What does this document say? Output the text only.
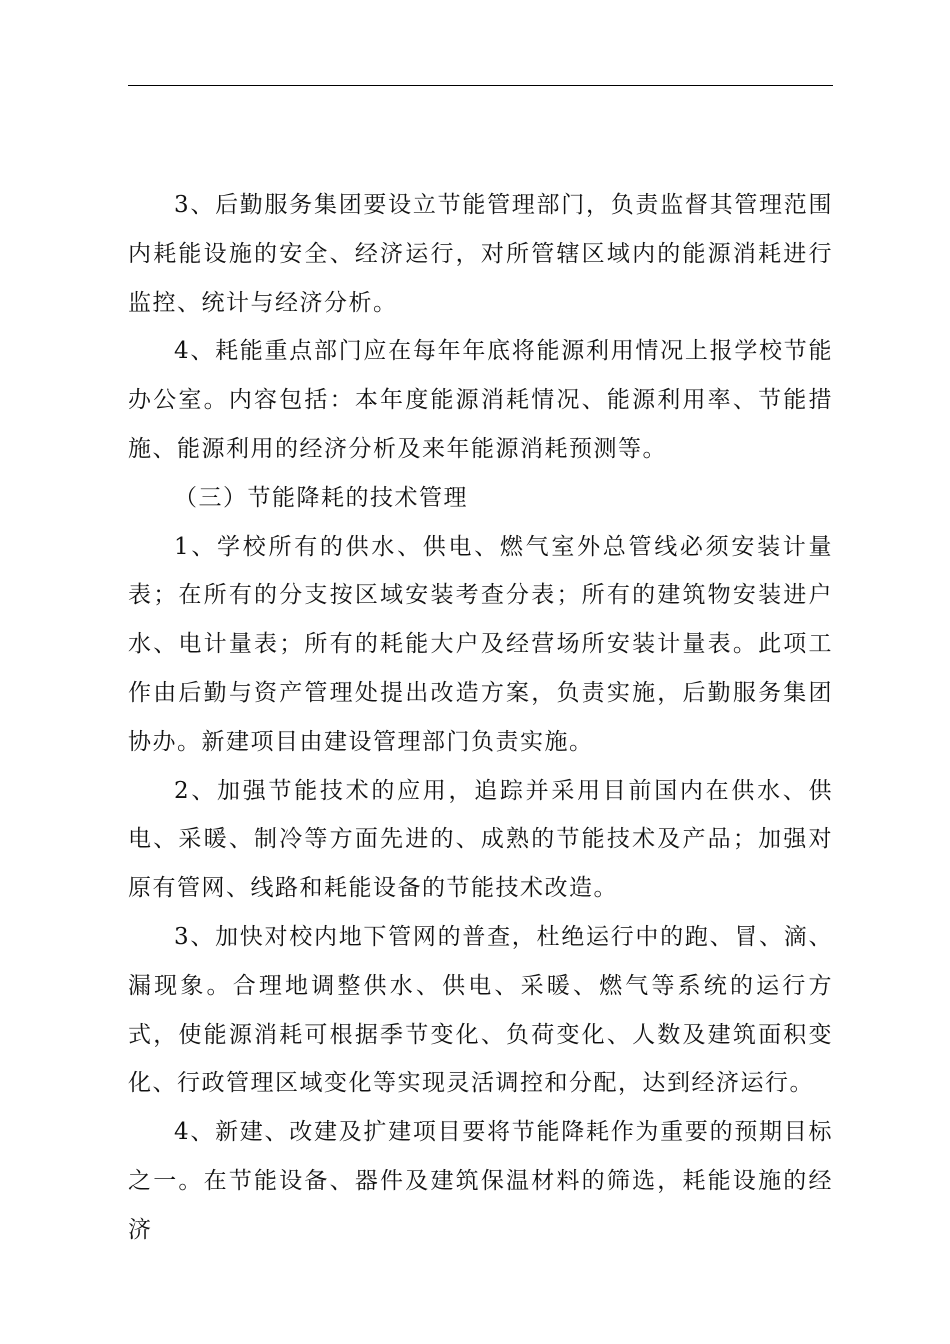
3、后勤服务集团要设立节能管理部门，负责监督其管理范围内耗能设施的安全、经济运行，对所管辖区域内的能源消耗进行监控、统计与经济分析。

4、耗能重点部门应在每年年底将能源利用情况上报学校节能办公室。内容包括：本年度能源消耗情况、能源利用率、节能措施、能源利用的经济分析及来年能源消耗预测等。

（三）节能降耗的技术管理

1、学校所有的供水、供电、燃气室外总管线必须安装计量表；在所有的分支按区域安装考查分表；所有的建筑物安装进户水、电计量表；所有的耗能大户及经营场所安装计量表。此项工作由后勤与资产管理处提出改造方案，负责实施，后勤服务集团协办。新建项目由建设管理部门负责实施。

2、加强节能技术的应用，追踪并采用目前国内在供水、供电、采暖、制冷等方面先进的、成熟的节能技术及产品；加强对原有管网、线路和耗能设备的节能技术改造。

3、加快对校内地下管网的普查，杜绝运行中的跑、冒、滴、漏现象。合理地调整供水、供电、采暖、燃气等系统的运行方式，使能源消耗可根据季节变化、负荷变化、人数及建筑面积变化、行政管理区域变化等实现灵活调控和分配，达到经济运行。

4、新建、改建及扩建项目要将节能降耗作为重要的预期目标之一。在节能设备、器件及建筑保温材料的筛选，耗能设施的经济
